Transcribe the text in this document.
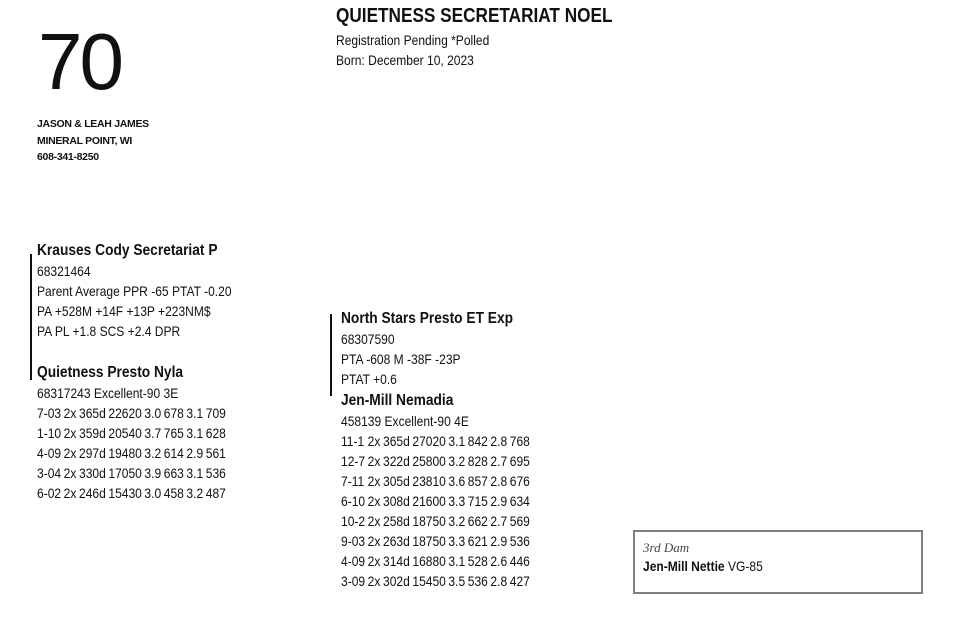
70
JASON & LEAH JAMES
MINERAL POINT, WI
608-341-8250
QUIETNESS SECRETARIAT NOEL
Registration Pending *Polled
Born: December 10, 2023
Krauses Cody Secretariat P
68321464
Parent Average PPR -65 PTAT -0.20
PA +528M +14F +13P +223NM$
PA PL +1.8 SCS +2.4 DPR
Quietness Presto Nyla
68317243 Excellent-90 3E
7-03	2x	365d	22620	3.0	678	3.1	709
1-10	2x	359d	20540	3.7	765	3.1	628
4-09	2x	297d	19480	3.2	614	2.9	561
3-04	2x	330d	17050	3.9	663	3.1	536
6-02	2x	246d	15430	3.0	458	3.2	487
North Stars Presto ET Exp
68307590
PTA -608 M -38F -23P
PTAT +0.6
Jen-Mill Nemadia
458139 Excellent-90 4E
11-1	2x	365d	27020	3.1	842	2.8	768
12-7	2x	322d	25800	3.2	828	2.7	695
7-11	2x	305d	23810	3.6	857	2.8	676
6-10	2x	308d	21600	3.3	715	2.9	634
10-2	2x	258d	18750	3.2	662	2.7	569
9-03	2x	263d	18750	3.3	621	2.9	536
4-09	2x	314d	16880	3.1	528	2.6	446
3-09	2x	302d	15450	3.5	536	2.8	427
3rd Dam
Jen-Mill Nettie VG-85
